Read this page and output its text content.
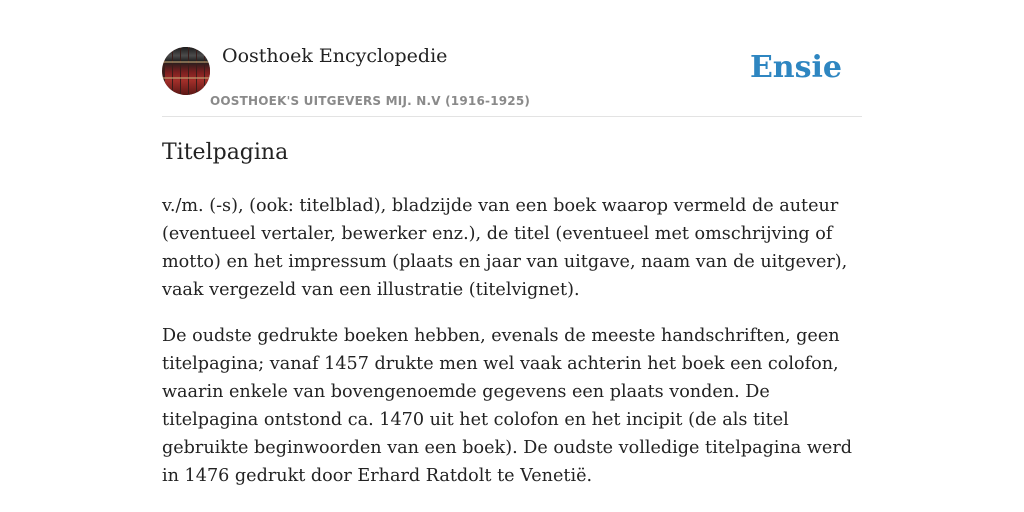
Oosthoek Encyclopedie
OOSTHOEK'S UITGEVERS MIJ. N.V (1916-1925)
Ensie
Titelpagina

v./m. (-s), (ook: titelblad), bladzijde van een boek waarop vermeld de auteur (eventueel vertaler, bewerker enz.), de titel (eventueel met omschrijving of motto) en het impressum (plaats en jaar van uitgave, naam van de uitgever), vaak vergezeld van een illustratie (titelvignet).

De oudste gedrukte boeken hebben, evenals de meeste handschriften, geen titelpagina; vanaf 1457 drukte men wel vaak achterin het boek een colofon, waarin enkele van bovengenoemde gegevens een plaats vonden. De titelpagina ontstond ca. 1470 uit het colofon en het incipit (de als titel gebruikte beginwoorden van een boek). De oudste volledige titelpagina werd in 1476 gedrukt door Erhard Ratdolt te Venetië.
